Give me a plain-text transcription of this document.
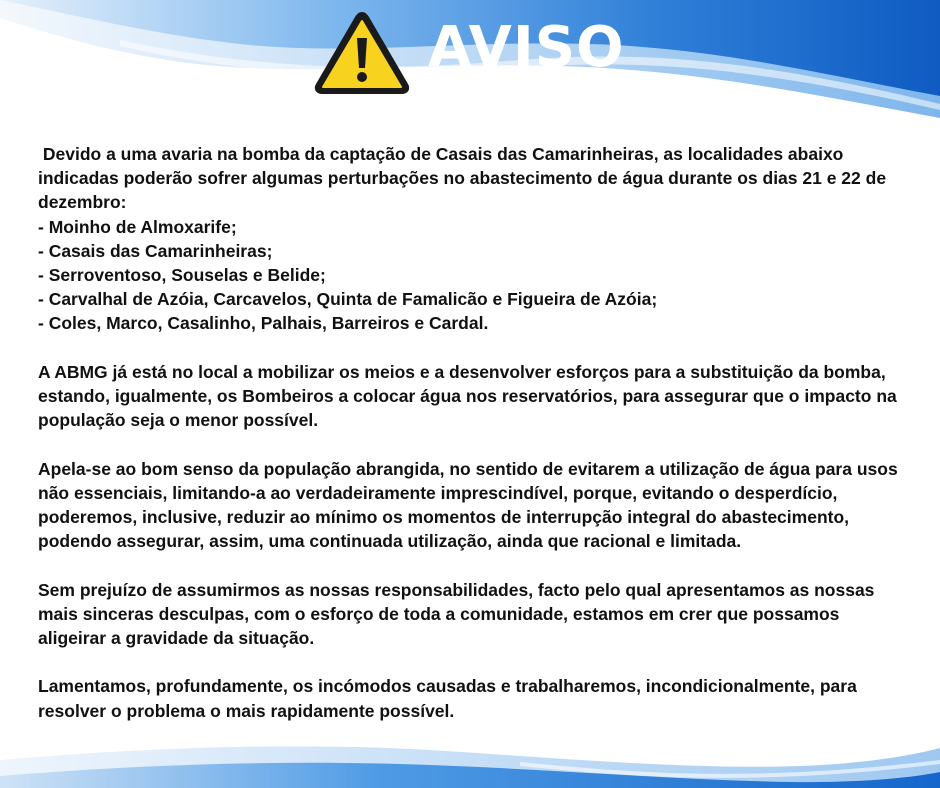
AVISO

Devido a uma avaria na bomba da captação de Casais das Camarinheiras, as localidades abaixo indicadas poderão sofrer algumas perturbações no abastecimento de água durante os dias 21 e 22 de dezembro:

- Moinho de Almoxarife;
- Casais das Camarinheiras;
- Serroventoso, Souselas e Belide;
- Carvalhal de Azóia, Carcavelos, Quinta de Famalicão e Figueira de Azóia;
- Coles, Marco, Casalinho, Palhais, Barreiros e Cardal.

A ABMG já está no local a mobilizar os meios e a desenvolver esforços para a substituição da bomba, estando, igualmente, os Bombeiros a colocar água nos reservatórios, para assegurar que o impacto na população seja o menor possível.

Apela-se ao bom senso da população abrangida, no sentido de evitarem a utilização de água para usos não essenciais, limitando-a ao verdadeiramente imprescindível, porque, evitando o desperdício, poderemos, inclusive, reduzir ao mínimo os momentos de interrupção integral do abastecimento, podendo assegurar, assim, uma continuada utilização, ainda que racional e limitada.

Sem prejuízo de assumirmos as nossas responsabilidades, facto pelo qual apresentamos as nossas mais sinceras desculpas, com o esforço de toda a comunidade, estamos em crer que possamos aligeirar a gravidade da situação.

Lamentamos, profundamente, os incómodos causadas e trabalharemos, incondicionalmente, para resolver o problema o mais rapidamente possível.
